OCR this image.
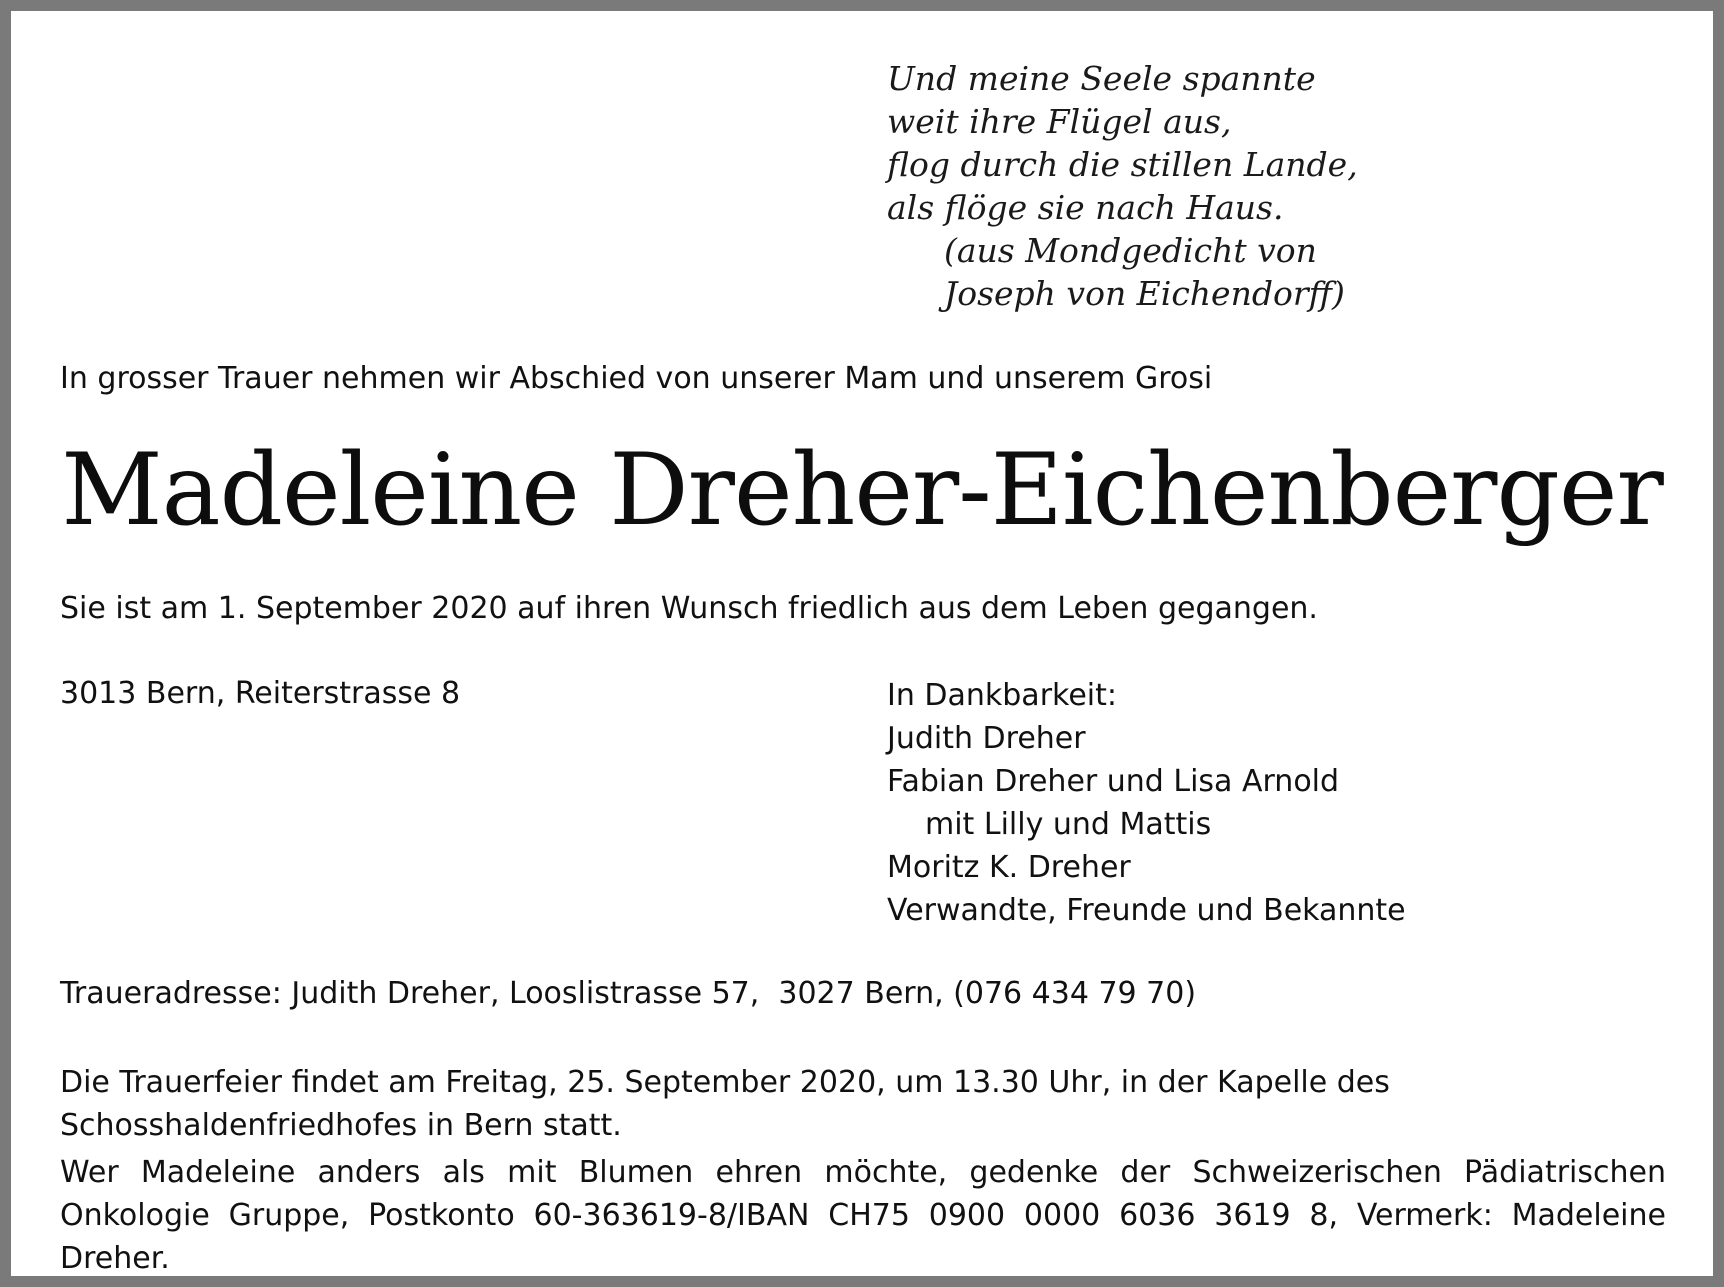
Und meine Seele spannte
weit ihre Flügel aus,
flog durch die stillen Lande,
als flöge sie nach Haus.
(aus Mondgedicht von
Joseph von Eichendorff)
In grosser Trauer nehmen wir Abschied von unserer Mam und unserem Grosi
Madeleine Dreher-Eichenberger
Sie ist am 1. September 2020 auf ihren Wunsch friedlich aus dem Leben gegangen.
3013 Bern, Reiterstrasse 8	In Dankbarkeit:
Judith Dreher
Fabian Dreher und Lisa Arnold
mit Lilly und Mattis
Moritz K. Dreher
Verwandte, Freunde und Bekannte
Traueradresse: Judith Dreher, Looslistrasse 57,  3027 Bern, (076 434 79 70)
Die Trauerfeier findet am Freitag, 25. September 2020, um 13.30 Uhr, in der Kapelle des Schosshaldenfriedhofes in Bern statt.
Wer Madeleine anders als mit Blumen ehren möchte, gedenke der Schweizerischen Pädiatrischen Onkologie Gruppe, Postkonto 60-363619-8/IBAN CH75 0900 0000 6036 3619 8, Vermerk: Madeleine Dreher.
